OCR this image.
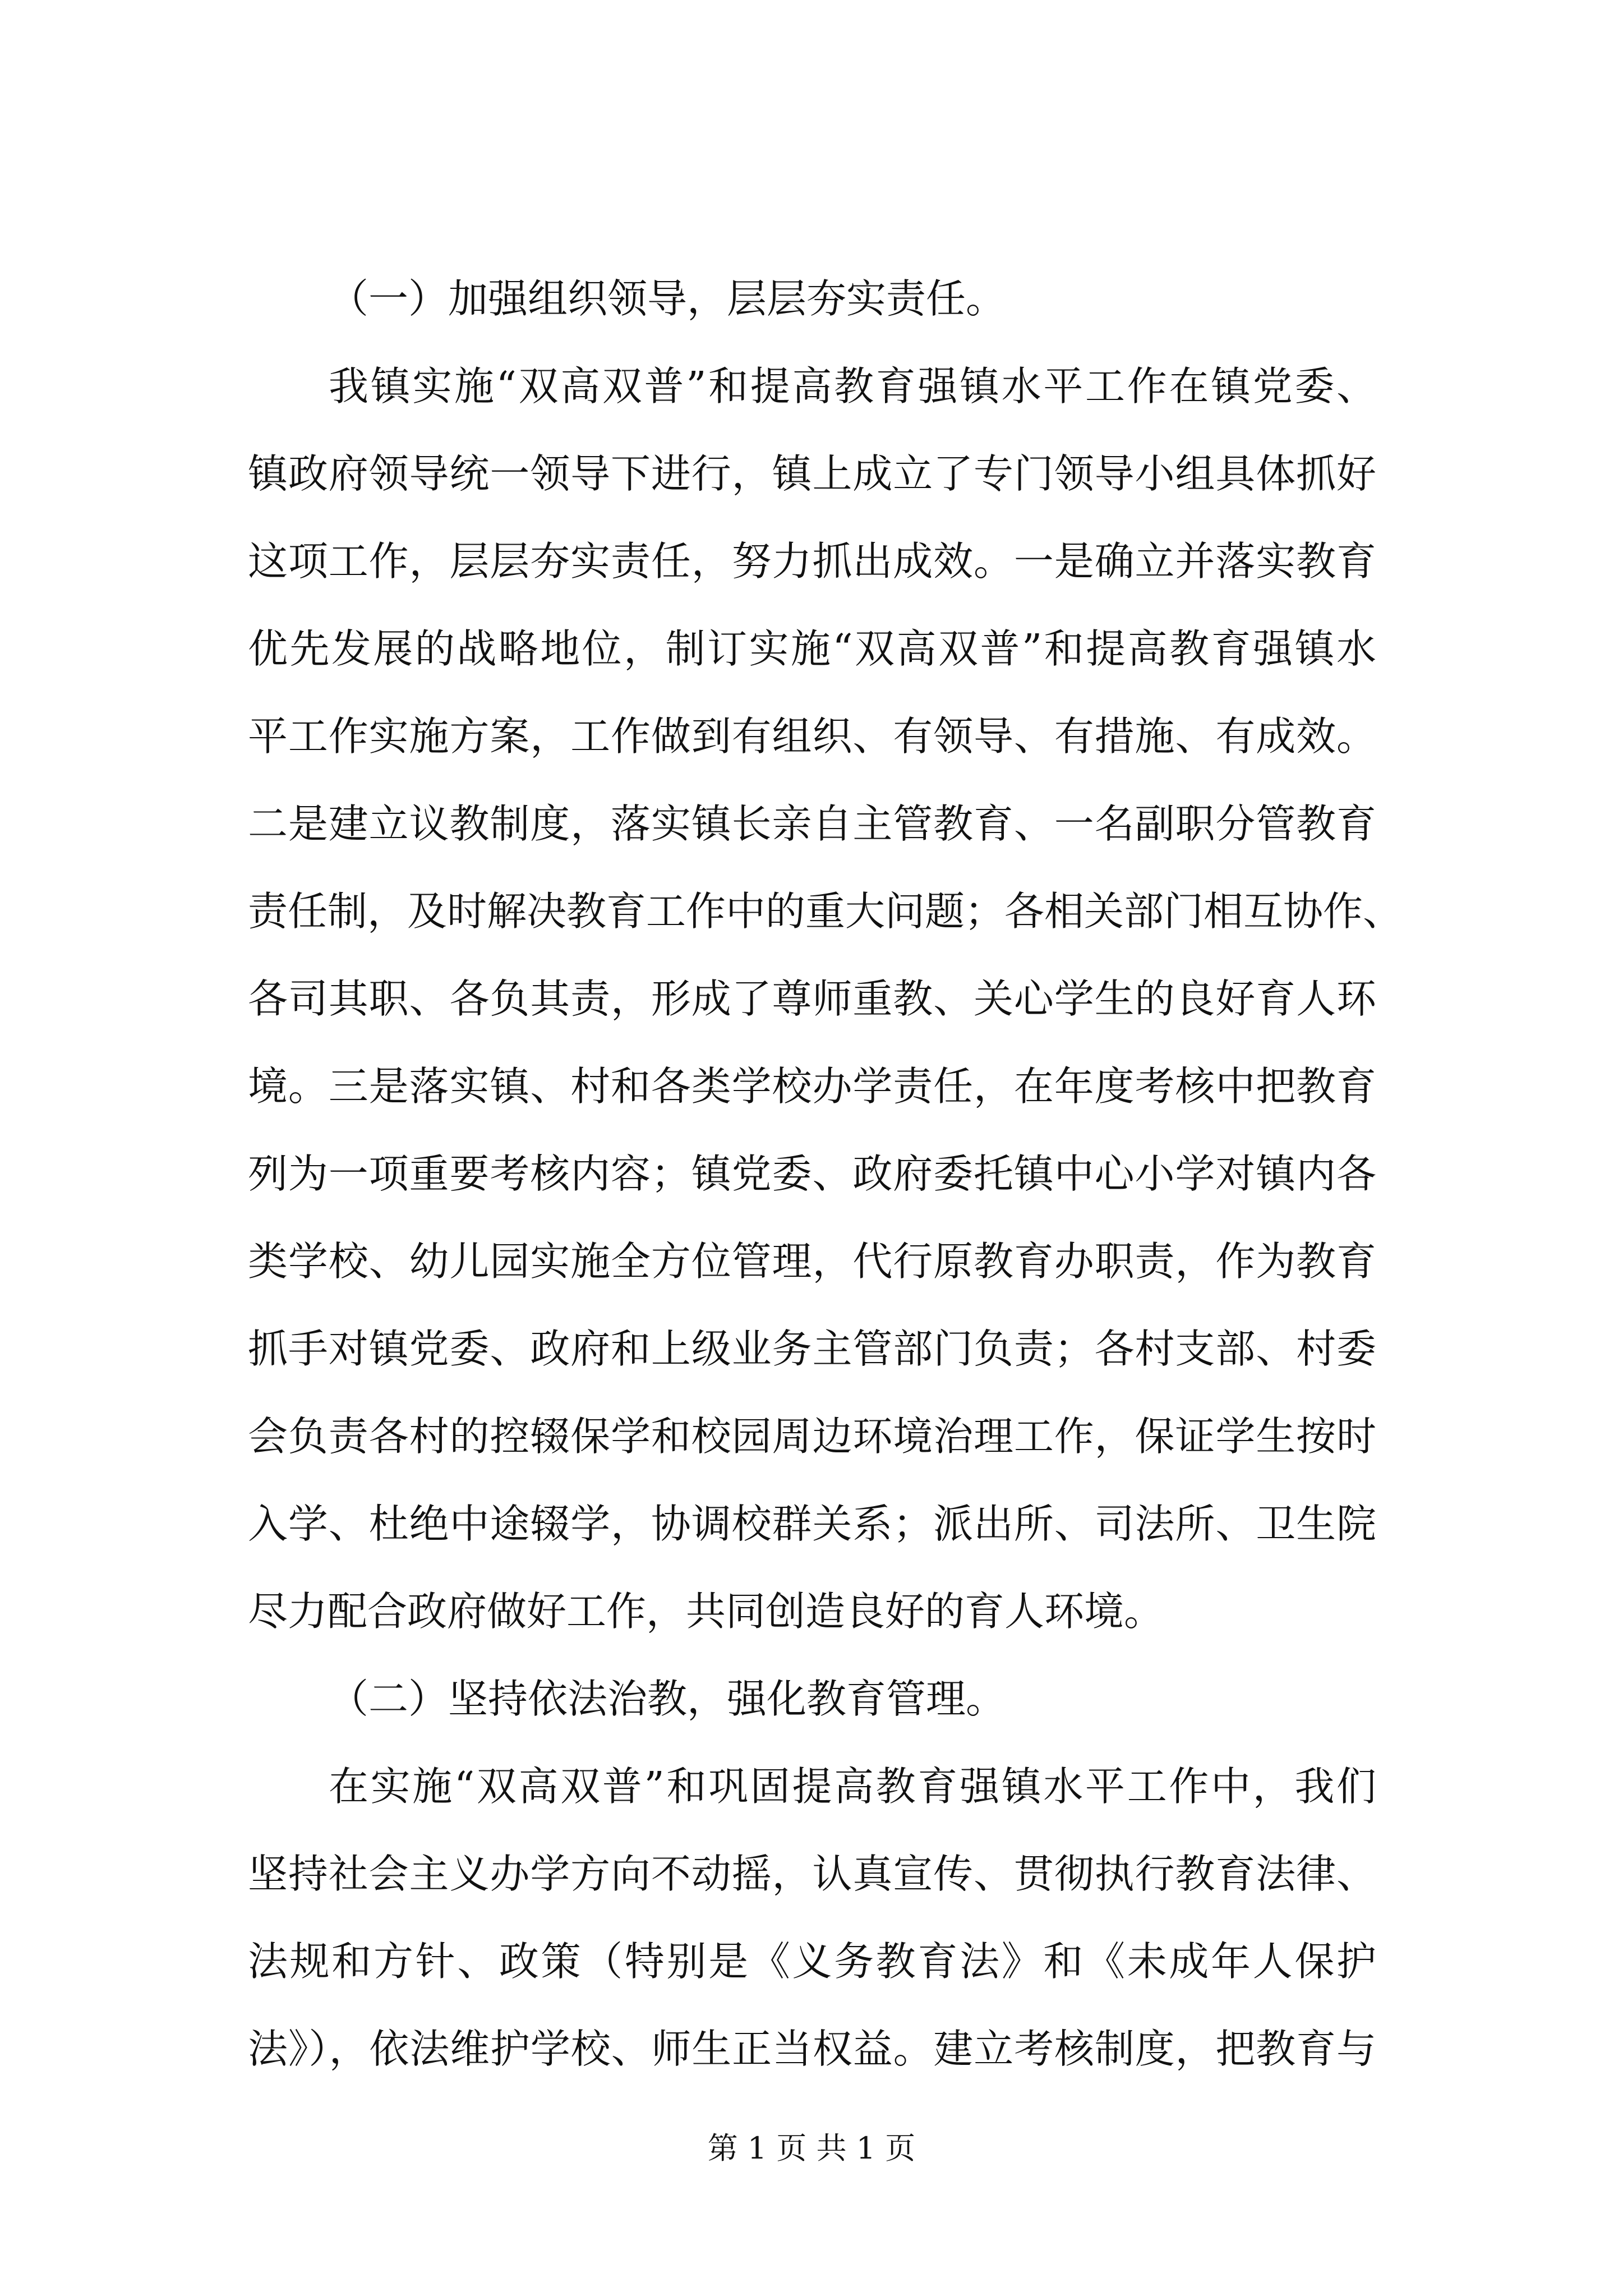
（一）加强组织领导，层层夯实责任。
我镇实施“双高双普”和提高教育强镇水平工作在镇党委、
镇政府领导统一领导下进行，镇上成立了专门领导小组具体抓好
这项工作，层层夯实责任，努力抓出成效。一是确立并落实教育
优先发展的战略地位，制订实施“双高双普”和提高教育强镇水
平工作实施方案，工作做到有组织、有领导、有措施、有成效。
二是建立议教制度，落实镇长亲自主管教育、一名副职分管教育
责任制，及时解决教育工作中的重大问题；各相关部门相互协作、
各司其职、各负其责，形成了尊师重教、关心学生的良好育人环
境。三是落实镇、村和各类学校办学责任，在年度考核中把教育
列为一项重要考核内容；镇党委、政府委托镇中心小学对镇内各
类学校、幼儿园实施全方位管理，代行原教育办职责，作为教育
抓手对镇党委、政府和上级业务主管部门负责；各村支部、村委
会负责各村的控辍保学和校园周边环境治理工作，保证学生按时
入学、杜绝中途辍学，协调校群关系；派出所、司法所、卫生院
尽力配合政府做好工作，共同创造良好的育人环境。
（二）坚持依法治教，强化教育管理。
在实施“双高双普”和巩固提高教育强镇水平工作中，我们
坚持社会主义办学方向不动摇，认真宣传、贯彻执行教育法律、
法规和方针、政策（特别是《义务教育法》和《未成年人保护
法》），依法维护学校、师生正当权益。建立考核制度，把教育与
第 1 页 共 1 页
